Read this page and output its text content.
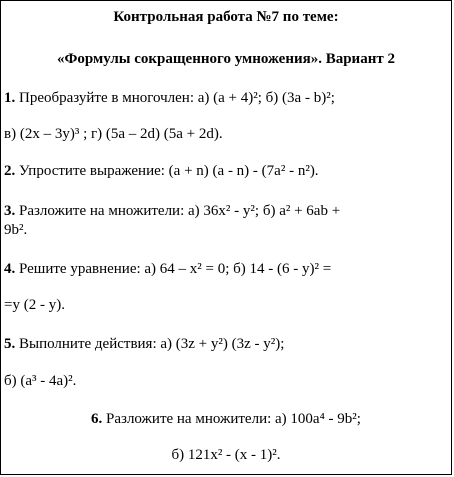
Контрольная работа №7 по теме:
«Формулы сокращенного умножения». Вариант 2
1. Преобразуйте в многочлен: а) (a + 4)²; б) (3a - b)²;
в) (2x – 3y)³ ; г) (5a – 2d) (5a + 2d).
2. Упростите выражение: (a + n) (a - n) - (7a² - n²).
3. Разложите на множители: а) 36x² - y²; б) a² + 6ab +
9b².
4. Решите уравнение: а) 64 – x² = 0; б) 14 - (6 - y)² =
=y (2 - y).
5. Выполните действия: а) (3z + y²) (3z - y²);
б) (a³ - 4a)².
6. Разложите на множители: а) 100a⁴ - 9b²;
б) 121x² - (x - 1)².
